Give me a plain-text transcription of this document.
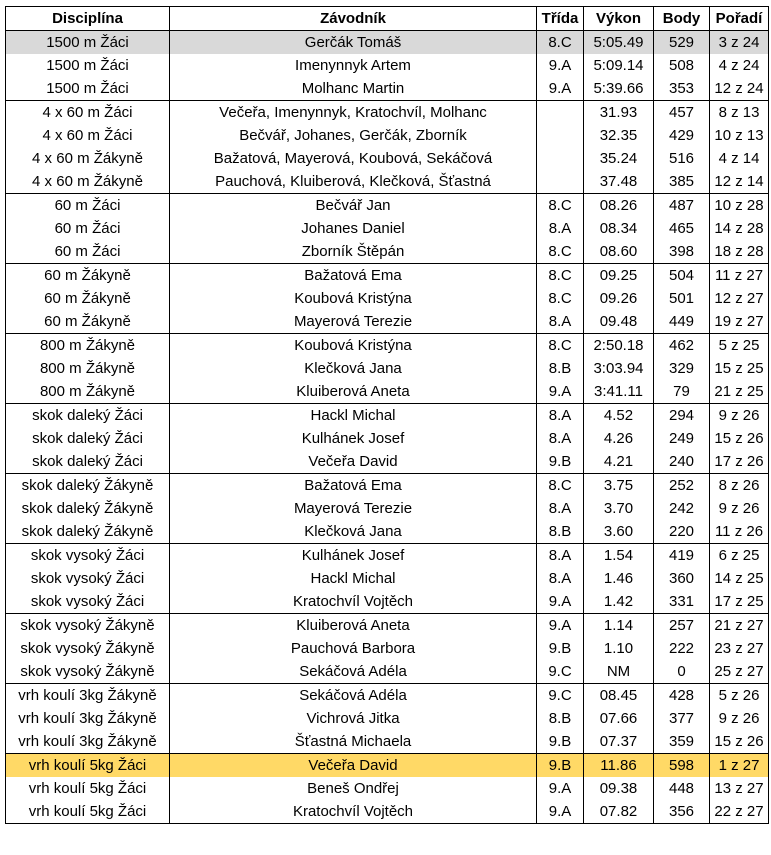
Disciplína	Závodník	Třída	Výkon	Body	Pořadí
1500 m Žáci	Gerčák Tomáš	8.C	5:05.49	529	3 z 24
1500 m Žáci	Imenynnyk Artem	9.A	5:09.14	508	4 z 24
1500 m Žáci	Molhanc Martin	9.A	5:39.66	353	12 z 24
4 x 60 m Žáci	Večeřa, Imenynnyk, Kratochvíl, Molhanc		31.93	457	8 z 13
4 x 60 m Žáci	Bečvář, Johanes, Gerčák, Zborník		32.35	429	10 z 13
4 x 60 m Žákyně	Bažatová, Mayerová, Koubová, Sekáčová		35.24	516	4 z 14
4 x 60 m Žákyně	Pauchová, Kluiberová, Klečková, Šťastná		37.48	385	12 z 14
60 m Žáci	Bečvář Jan	8.C	08.26	487	10 z 28
60 m Žáci	Johanes Daniel	8.A	08.34	465	14 z 28
60 m Žáci	Zborník Štěpán	8.C	08.60	398	18 z 28
60 m Žákyně	Bažatová Ema	8.C	09.25	504	11 z 27
60 m Žákyně	Koubová Kristýna	8.C	09.26	501	12 z 27
60 m Žákyně	Mayerová Terezie	8.A	09.48	449	19 z 27
800 m Žákyně	Koubová Kristýna	8.C	2:50.18	462	5 z 25
800 m Žákyně	Klečková Jana	8.B	3:03.94	329	15 z 25
800 m Žákyně	Kluiberová Aneta	9.A	3:41.11	79	21 z 25
skok daleký Žáci	Hackl Michal	8.A	4.52	294	9 z 26
skok daleký Žáci	Kulhánek Josef	8.A	4.26	249	15 z 26
skok daleký Žáci	Večeřa David	9.B	4.21	240	17 z 26
skok daleký Žákyně	Bažatová Ema	8.C	3.75	252	8 z 26
skok daleký Žákyně	Mayerová Terezie	8.A	3.70	242	9 z 26
skok daleký Žákyně	Klečková Jana	8.B	3.60	220	11 z 26
skok vysoký Žáci	Kulhánek Josef	8.A	1.54	419	6 z 25
skok vysoký Žáci	Hackl Michal	8.A	1.46	360	14 z 25
skok vysoký Žáci	Kratochvíl Vojtěch	9.A	1.42	331	17 z 25
skok vysoký Žákyně	Kluiberová Aneta	9.A	1.14	257	21 z 27
skok vysoký Žákyně	Pauchová Barbora	9.B	1.10	222	23 z 27
skok vysoký Žákyně	Sekáčová Adéla	9.C	NM	0	25 z 27
vrh koulí 3kg Žákyně	Sekáčová Adéla	9.C	08.45	428	5 z 26
vrh koulí 3kg Žákyně	Vichrová Jitka	8.B	07.66	377	9 z 26
vrh koulí 3kg Žákyně	Šťastná Michaela	9.B	07.37	359	15 z 26
vrh koulí 5kg Žáci	Večeřa David	9.B	11.86	598	1 z 27
vrh koulí 5kg Žáci	Beneš Ondřej	9.A	09.38	448	13 z 27
vrh koulí 5kg Žáci	Kratochvíl Vojtěch	9.A	07.82	356	22 z 27
